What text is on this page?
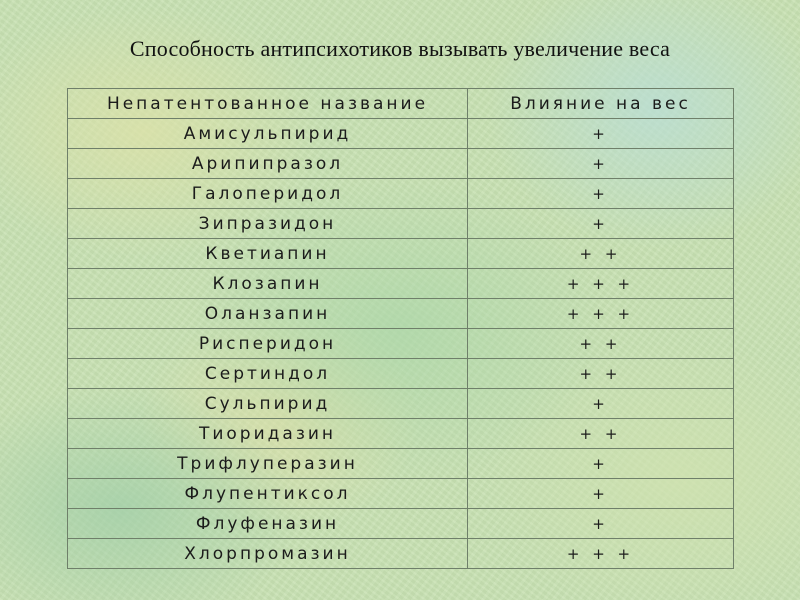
Способность антипсихотиков вызывать увеличение веса
Непатентованное название	Влияние на вес
Амисульпирид	+
Арипипразол	+
Галоперидол	+
Зипразидон	+
Кветиапин	+ +
Клозапин	+ + +
Оланзапин	+ + +
Рисперидон	+ +
Сертиндол	+ +
Сульпирид	+
Тиоридазин	+ +
Трифлуперазин	+
Флупентиксол	+
Флуфеназин	+
Хлорпромазин	+ + +
